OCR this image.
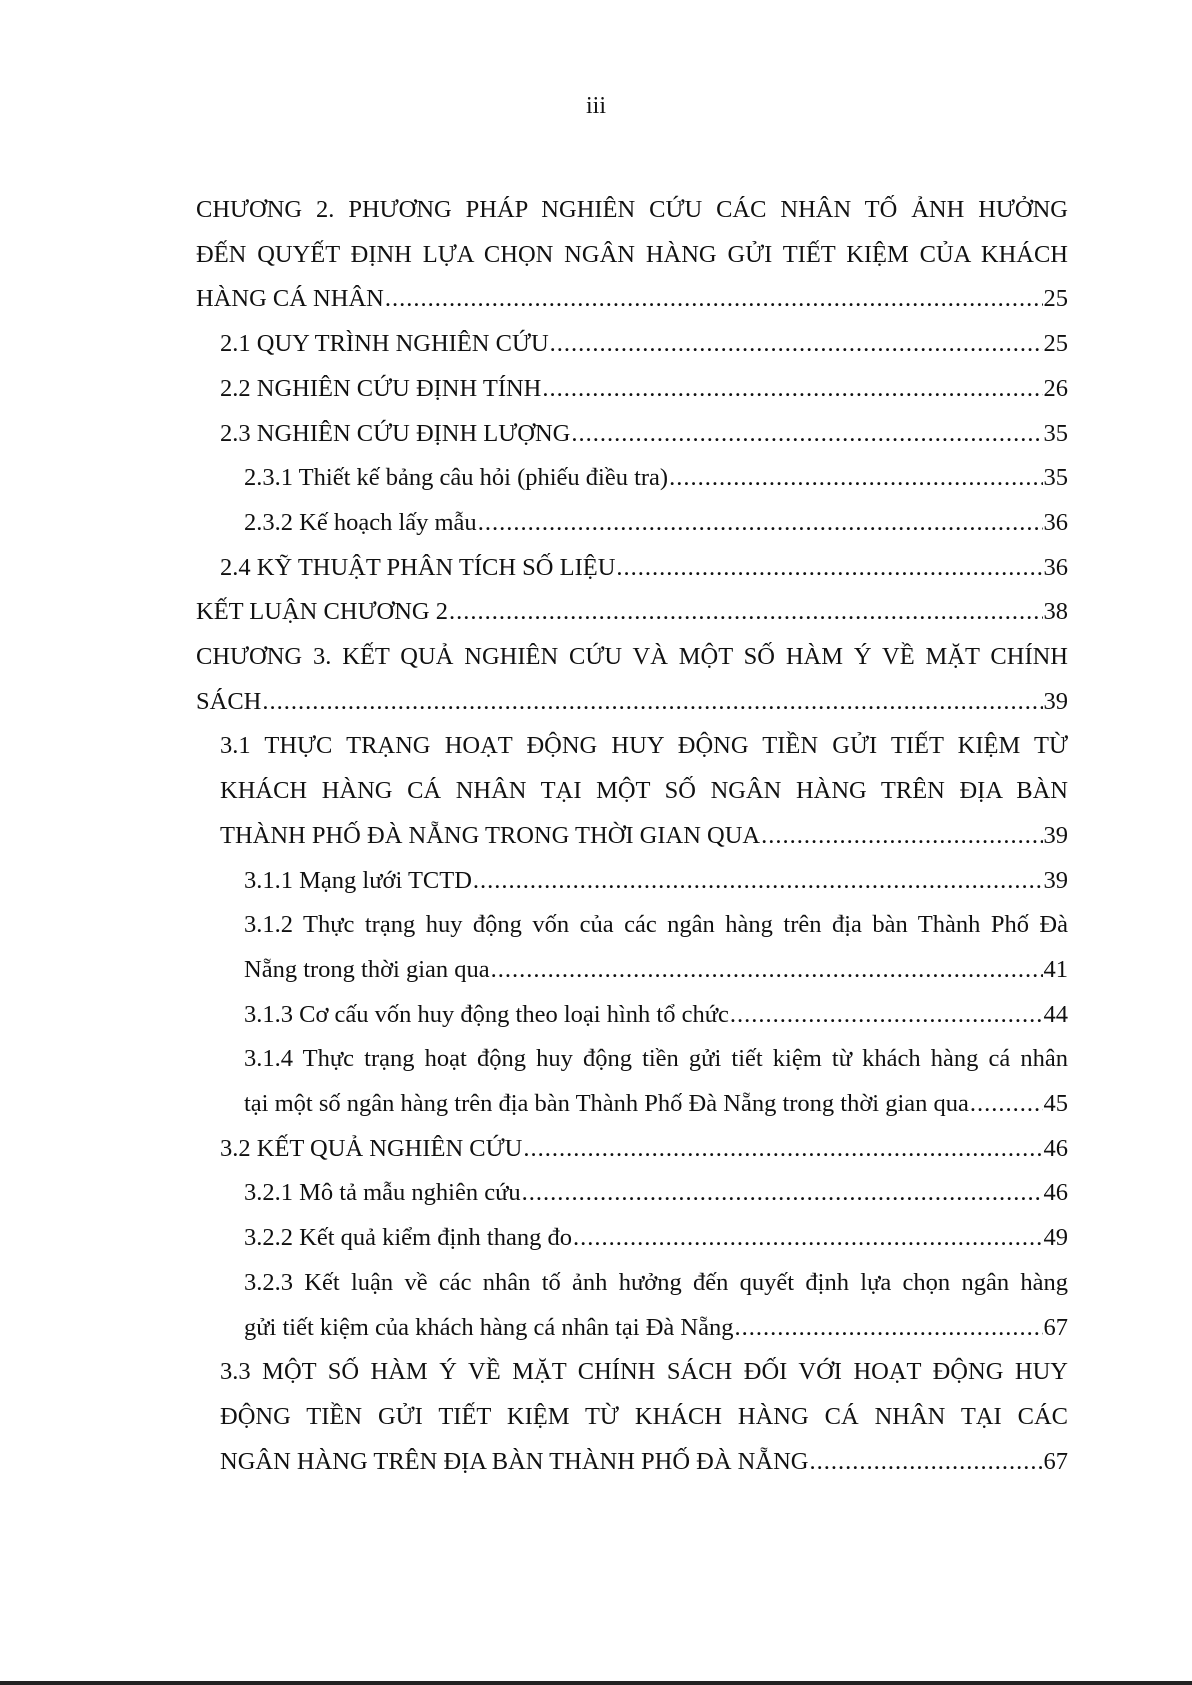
iii
CHƯƠNG 2. PHƯƠNG PHÁP NGHIÊN CỨU CÁC NHÂN TỐ ẢNH HƯỞNG
ĐẾN QUYẾT ĐỊNH LỰA CHỌN NGÂN HÀNG GỬI TIẾT KIỆM CỦA KHÁCH
HÀNG CÁ NHÂN .....	25
2.1 QUY TRÌNH NGHIÊN CỨU .....	25
2.2 NGHIÊN CỨU ĐỊNH TÍNH .....	26
2.3 NGHIÊN CỨU ĐỊNH LƯỢNG .....	35
2.3.1 Thiết kế bảng câu hỏi (phiếu điều tra) .....	35
2.3.2 Kế hoạch lấy mẫu .....	36
2.4 KỸ THUẬT PHÂN TÍCH SỐ LIỆU .....	36
KẾT LUẬN CHƯƠNG 2 .....	38
CHƯƠNG 3. KẾT QUẢ NGHIÊN CỨU VÀ MỘT SỐ HÀM Ý VỀ MẶT CHÍNH
SÁCH .....	39
3.1 THỰC TRẠNG HOẠT ĐỘNG HUY ĐỘNG TIỀN GỬI TIẾT KIỆM TỪ
KHÁCH HÀNG CÁ NHÂN TẠI MỘT SỐ NGÂN HÀNG TRÊN ĐỊA BÀN
THÀNH PHỐ ĐÀ NẴNG TRONG THỜI GIAN QUA .....	39
3.1.1 Mạng lưới TCTD .....	39
3.1.2 Thực trạng huy động vốn của các ngân hàng trên địa bàn Thành Phố Đà
Nẵng trong thời gian qua .....	41
3.1.3 Cơ cấu vốn huy động theo loại hình tổ chức .....	44
3.1.4 Thực trạng hoạt động huy động tiền gửi tiết kiệm từ khách hàng cá nhân
tại một số ngân hàng trên địa bàn Thành Phố Đà Nẵng trong thời gian qua .....	45
3.2 KẾT QUẢ NGHIÊN CỨU .....	46
3.2.1 Mô tả mẫu nghiên cứu .....	46
3.2.2 Kết quả kiểm định thang đo .....	49
3.2.3 Kết luận về các nhân tố ảnh hưởng đến quyết định lựa chọn ngân hàng
gửi tiết kiệm của khách hàng cá nhân tại Đà Nẵng .....	67
3.3 MỘT SỐ HÀM Ý VỀ MẶT CHÍNH SÁCH ĐỐI VỚI HOẠT ĐỘNG HUY
ĐỘNG TIỀN GỬI TIẾT KIỆM TỪ KHÁCH HÀNG CÁ NHÂN TẠI CÁC
NGÂN HÀNG TRÊN ĐỊA BÀN THÀNH PHỐ ĐÀ NẴNG .....	67
